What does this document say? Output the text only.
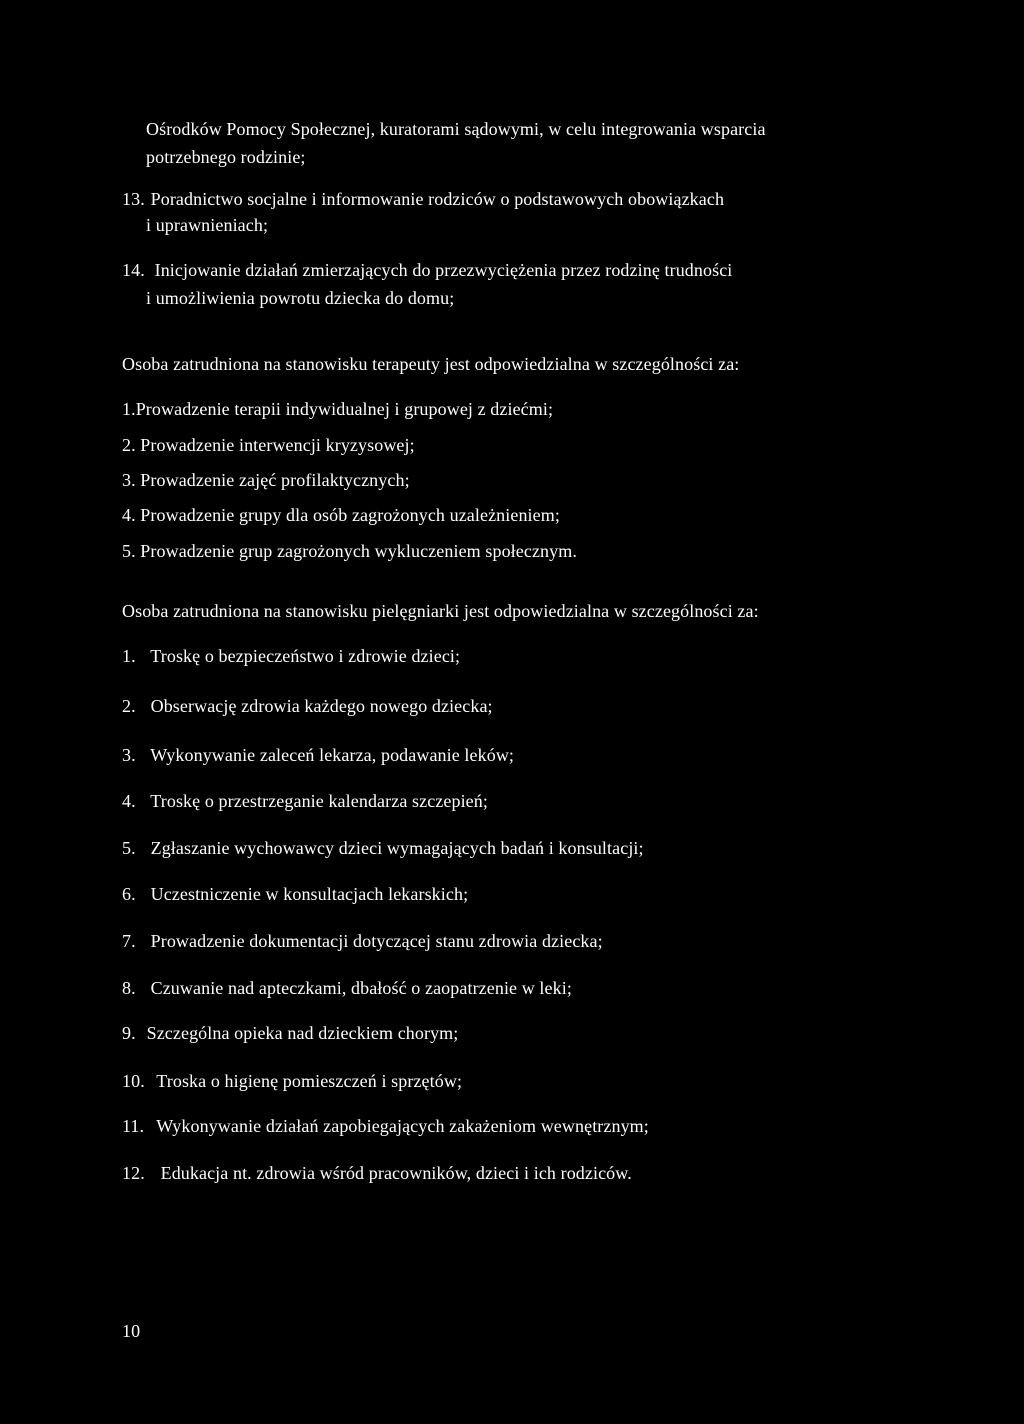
Ośrodków Pomocy Społecznej, kuratorami sądowymi, w celu integrowania wsparcia
potrzebnego rodzinie;
13. Poradnictwo socjalne i informowanie rodziców o podstawowych obowiązkach
i uprawnieniach;
14. Inicjowanie działań zmierzających do przezwyciężenia przez rodzinę trudności
i umożliwienia powrotu dziecka do domu;
Osoba zatrudniona na stanowisku terapeuty jest odpowiedzialna w szczególności za:
1.Prowadzenie terapii indywidualnej i grupowej z dziećmi;
2. Prowadzenie interwencji kryzysowej;
3. Prowadzenie zajęć profilaktycznych;
4. Prowadzenie grupy dla osób zagrożonych uzależnieniem;
5. Prowadzenie grup zagrożonych wykluczeniem społecznym.
Osoba zatrudniona na stanowisku pielęgniarki jest odpowiedzialna w szczególności za:
1. Troskę o bezpieczeństwo i zdrowie dzieci;
2. Obserwację zdrowia każdego nowego dziecka;
3. Wykonywanie zaleceń lekarza, podawanie leków;
4. Troskę o przestrzeganie kalendarza szczepień;
5. Zgłaszanie wychowawcy dzieci wymagających badań i konsultacji;
6. Uczestniczenie w konsultacjach lekarskich;
7. Prowadzenie dokumentacji dotyczącej stanu zdrowia dziecka;
8. Czuwanie nad apteczkami, dbałość o zaopatrzenie w leki;
9. Szczególna opieka nad dzieckiem chorym;
10. Troska o higienę pomieszczeń i sprzętów;
11. Wykonywanie działań zapobiegających zakażeniom wewnętrznym;
12. Edukacja nt. zdrowia wśród pracowników, dzieci i ich rodziców.
10
